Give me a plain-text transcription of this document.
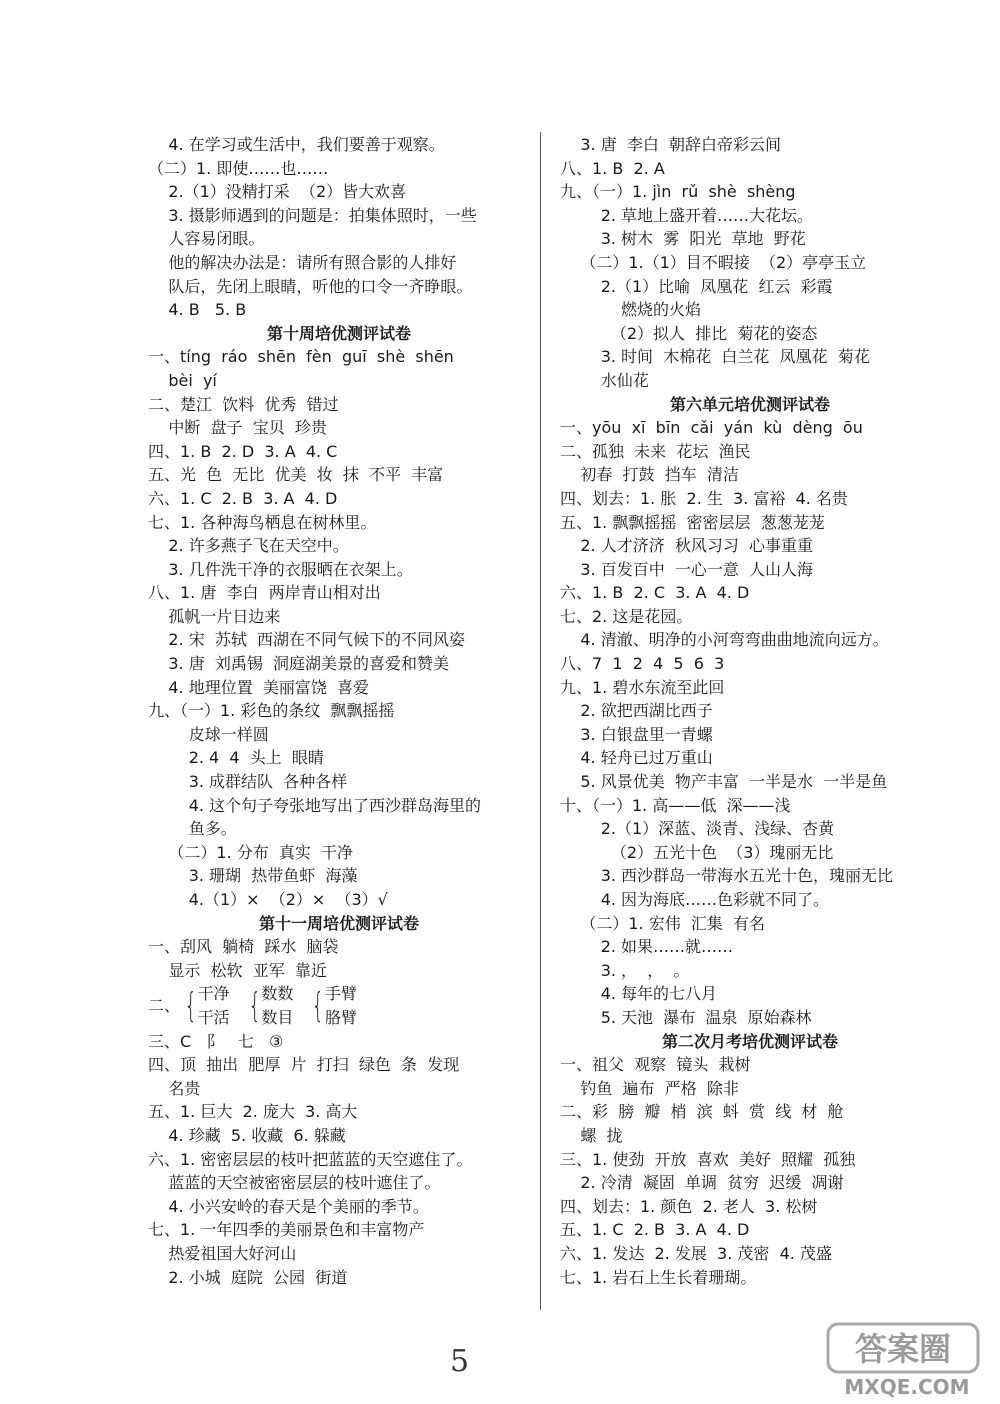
4. 在学习或生活中，我们要善于观察。
（二）1. 即使……也……
2.（1）没精打采  （2）皆大欢喜
3. 摄影师遇到的问题是：拍集体照时，一些
人容易闭眼。
他的解决办法是：请所有照合影的人排好
队后，先闭上眼睛，听他的口令一齐睁眼。
4. B   5. B
第十周培优测评试卷
一、tíng  ráo  shēn  fèn  guī  shè  shēn
bèi  yí
二、楚江  饮料  优秀  错过
中断  盘子  宝贝  珍贵
四、1. B  2. D  3. A  4. C
五、光  色  无比  优美  妆  抹  不平  丰富
六、1. C  2. B  3. A  4. D
七、1. 各种海鸟栖息在树林里。
2. 许多燕子飞在天空中。
3. 几件洗干净的衣服晒在衣架上。
八、1. 唐  李白  两岸青山相对出
孤帆一片日边来
2. 宋  苏轼  西湖在不同气候下的不同风姿
3. 唐  刘禹锡  洞庭湖美景的喜爱和赞美
4. 地理位置  美丽富饶  喜爱
九、（一）1. 彩色的条纹  飘飘摇摇
皮球一样圆
2. 4  4  头上  眼睛
3. 成群结队  各种各样
4. 这个句子夸张地写出了西沙群岛海里的
鱼多。
（二）1. 分布  真实  干净
3. 珊瑚  热带鱼虾  海藻
4.（1）×  （2）×  （3）√
第十一周培优测评试卷
一、刮风  躺椅  踩水  脑袋
显示  松软  亚军  靠近
二、 { 干净
干活 { 数数
数目 { 手臂
胳臂
三、C   阝   七   ③
四、顶  抽出  肥厚  片  打扫  绿色  条  发现
名贵
五、1. 巨大  2. 庞大  3. 高大
4. 珍藏  5. 收藏  6. 躲藏
六、1. 密密层层的枝叶把蓝蓝的天空遮住了。
蓝蓝的天空被密密层层的枝叶遮住了。
4. 小兴安岭的春天是个美丽的季节。
七、1. 一年四季的美丽景色和丰富物产
热爱祖国大好河山
2. 小城  庭院  公园  街道
3. 唐  李白  朝辞白帝彩云间
八、1. B  2. A
九、（一）1. jìn  rǔ  shè  shèng
2. 草地上盛开着……大花坛。
3. 树木  雾  阳光  草地  野花
（二）1.（1）目不暇接  （2）亭亭玉立
2.（1）比喻  凤凰花  红云  彩霞
燃烧的火焰
（2）拟人  排比  菊花的姿态
3. 时间  木棉花  白兰花  凤凰花  菊花
水仙花
第六单元培优测评试卷
一、yōu  xī  bīn  cǎi  yán  kù  dèng  ōu
二、孤独  未来  花坛  渔民
初春  打鼓  挡车  清洁
四、划去：1. 胀  2. 生  3. 富裕  4. 名贵
五、1. 飘飘摇摇  密密层层  葱葱茏茏
2. 人才济济  秋风习习  心事重重
3. 百发百中  一心一意  人山人海
六、1. B  2. C  3. A  4. D
七、2. 这是花园。
4. 清澈、明净的小河弯弯曲曲地流向远方。
八、7  1  2  4  5  6  3
九、1. 碧水东流至此回
2. 欲把西湖比西子
3. 白银盘里一青螺
4. 轻舟已过万重山
5. 风景优美  物产丰富  一半是水  一半是鱼
十、（一）1. 高——低  深——浅
2.（1）深蓝、淡青、浅绿、杏黄
（2）五光十色  （3）瑰丽无比
3. 西沙群岛一带海水五光十色，瑰丽无比
4. 因为海底……色彩就不同了。
（二）1. 宏伟  汇集  有名
2. 如果……就……
3. ，  ，  。
4. 每年的七八月
5. 天池  瀑布  温泉  原始森林
第二次月考培优测评试卷
一、祖父  观察  镜头  栽树
钓鱼  遍布  严格  除非
二、彩  膀  瓣  梢  滨  蚪  赏  线  材  舱
螺  拢
三、1. 使劲  开放  喜欢  美好  照耀  孤独
2. 冷清  凝固  单调  贫穷  迟缓  凋谢
四、划去：1. 颜色  2. 老人  3. 松树
五、1. C  2. B  3. A  4. D
六、1. 发达  2. 发展  3. 茂密  4. 茂盛
七、1. 岩石上生长着珊瑚。
5	答案圈
MXQE.COM
